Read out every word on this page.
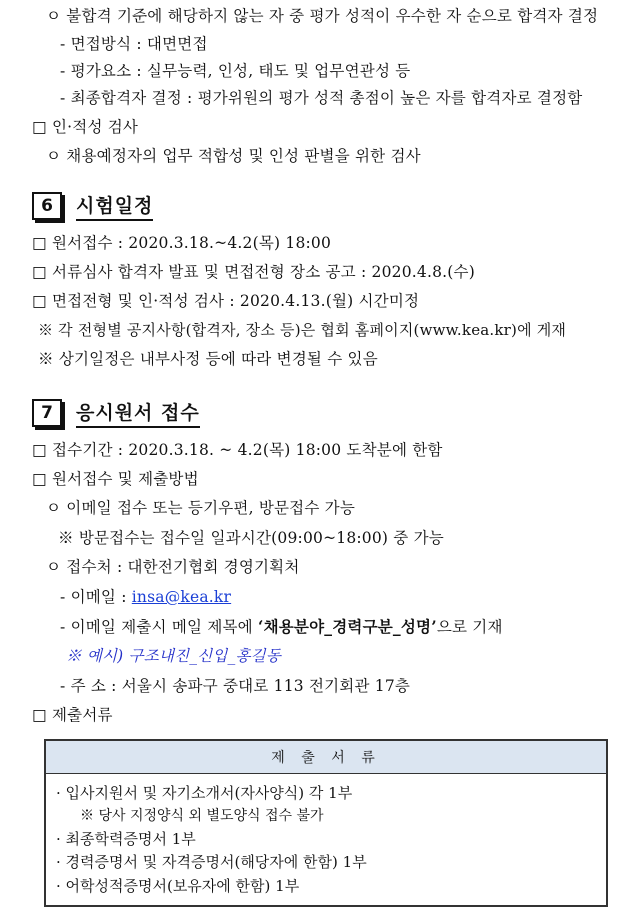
ㅇ 불합격 기준에 해당하지 않는 자 중 평가 성적이 우수한 자 순으로 합격자 결정
- 면접방식 : 대면면접
- 평가요소 : 실무능력, 인성, 태도 및 업무연관성 등
- 최종합격자 결정 : 평가위원의 평가 성적 총점이 높은 자를 합격자로 결정함
□ 인·적성 검사
ㅇ 채용예정자의 업무 적합성 및 인성 판별을 위한 검사
6	시험일정
□ 원서접수 : 2020.3.18.~4.2(목) 18:00
□ 서류심사 합격자 발표 및 면접전형 장소 공고 : 2020.4.8.(수)
□ 면접전형 및 인·적성 검사 : 2020.4.13.(월) 시간미정
※ 각 전형별 공지사항(합격자, 장소 등)은 협회 홈페이지(www.kea.kr)에 게재
※ 상기일정은 내부사정 등에 따라 변경될 수 있음
7	응시원서 접수
□ 접수기간 : 2020.3.18. ~ 4.2(목) 18:00 도착분에 한함
□ 원서접수 및 제출방법
ㅇ 이메일 접수 또는 등기우편, 방문접수 가능
※ 방문접수는 접수일 일과시간(09:00~18:00) 중 가능
ㅇ 접수처 : 대한전기협회 경영기획처
- 이메일 : insa@kea.kr
- 이메일 제출시 메일 제목에 ‘채용분야_경력구분_성명’으로 기재
※ 예시) 구조내진_신입_홍길동
- 주 소 : 서울시 송파구 중대로 113 전기회관 17층
□ 제출서류
제 출 서 류
· 입사지원서 및 자기소개서(자사양식) 각 1부
※ 당사 지정양식 외 별도양식 접수 불가
· 최종학력증명서 1부
· 경력증명서 및 자격증명서(해당자에 한함) 1부
· 어학성적증명서(보유자에 한함) 1부
